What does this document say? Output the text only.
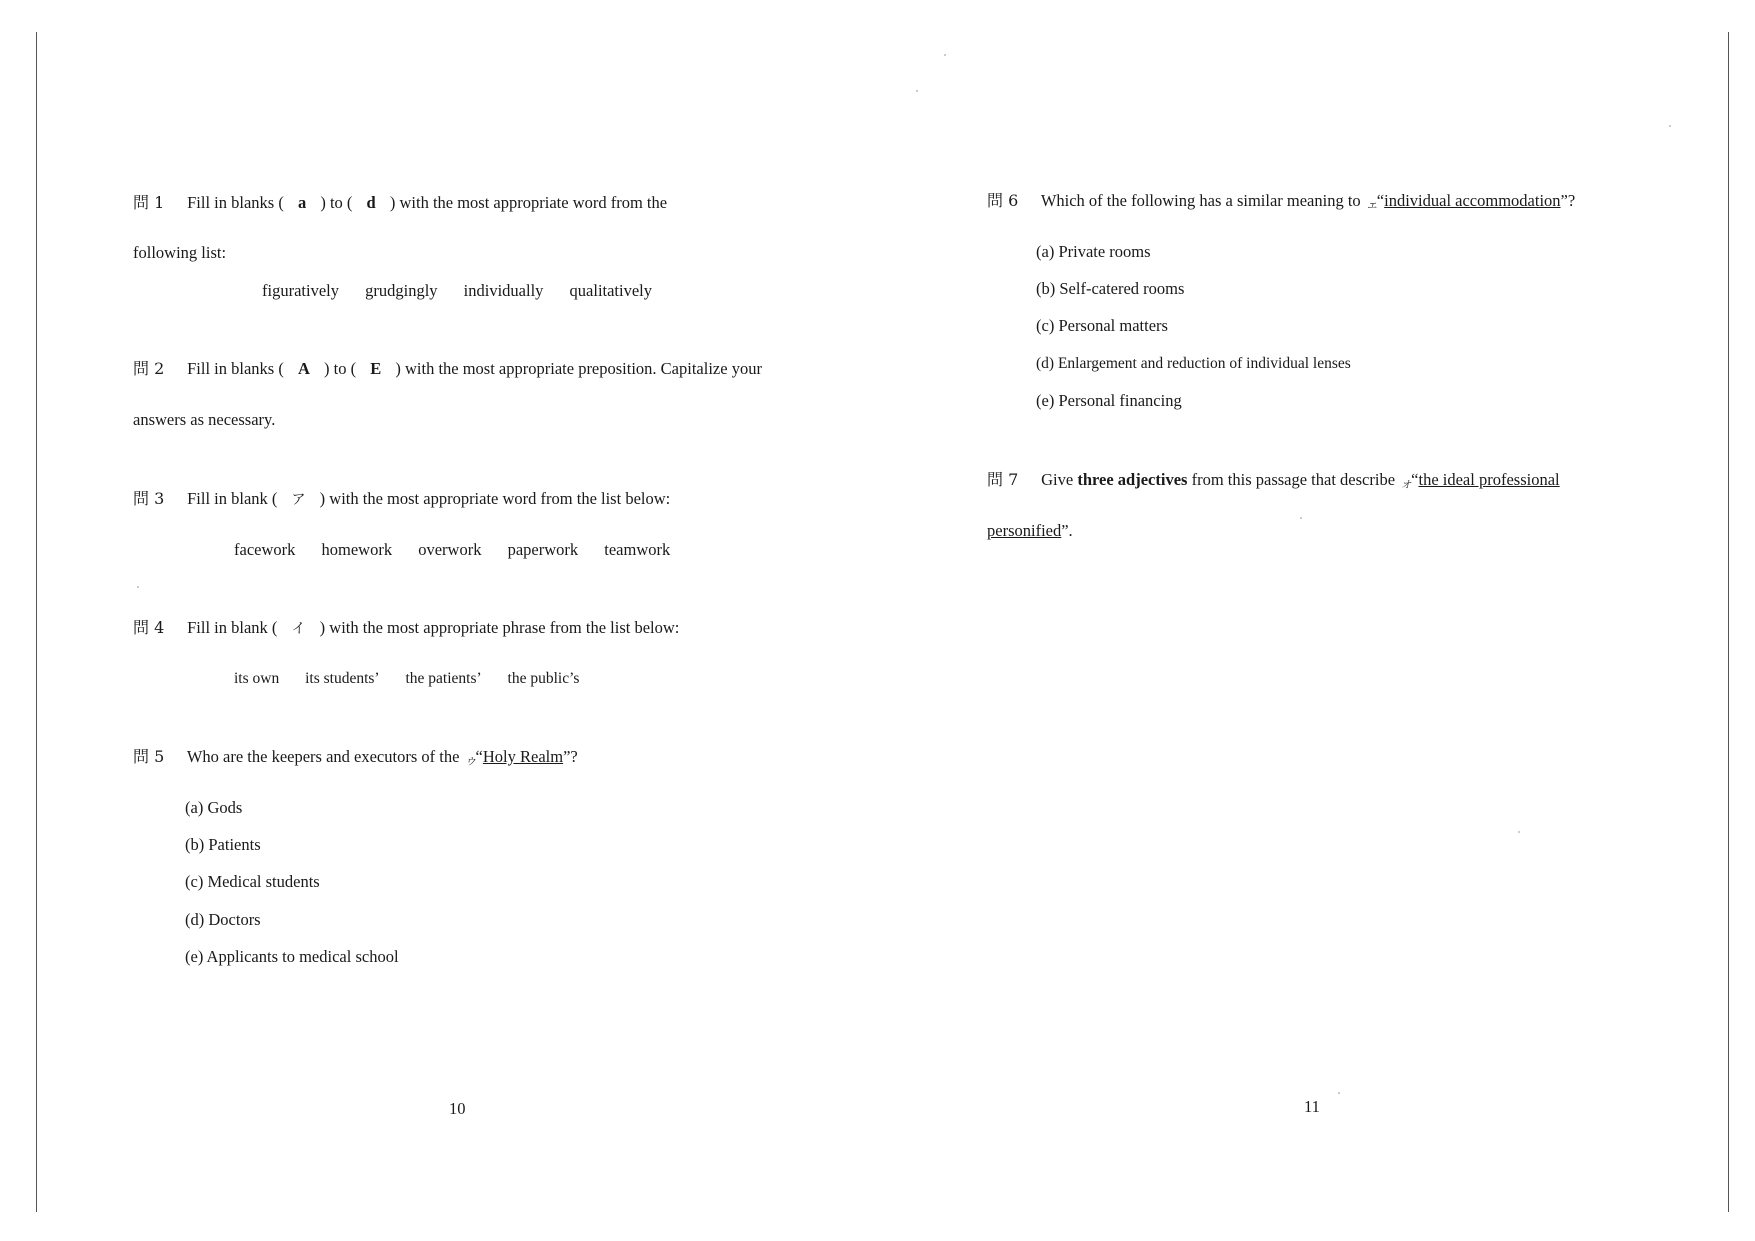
問 1 Fill in blanks ( a ) to ( d ) with the most appropriate word from the
following list:
figuratively grudgingly individually qualitatively
問 2 Fill in blanks ( A ) to ( E ) with the most appropriate preposition. Capitalize your
answers as necessary.
問 3 Fill in blank ( ア ) with the most appropriate word from the list below:
facework homework overwork paperwork teamwork
問 4 Fill in blank ( イ ) with the most appropriate phrase from the list below:
its own its students’ the patients’ the public’s
問 5 Who are the keepers and executors of the ウ“Holy Realm”?
(a) Gods
(b) Patients
(c) Medical students
(d) Doctors
(e) Applicants to medical school
10
問 6 Which of the following has a similar meaning to エ“individual accommodation”?
(a) Private rooms
(b) Self-catered rooms
(c) Personal matters
(d) Enlargement and reduction of individual lenses
(e) Personal financing
問 7 Give three adjectives from this passage that describe オ“the ideal professional
personified”.
11
